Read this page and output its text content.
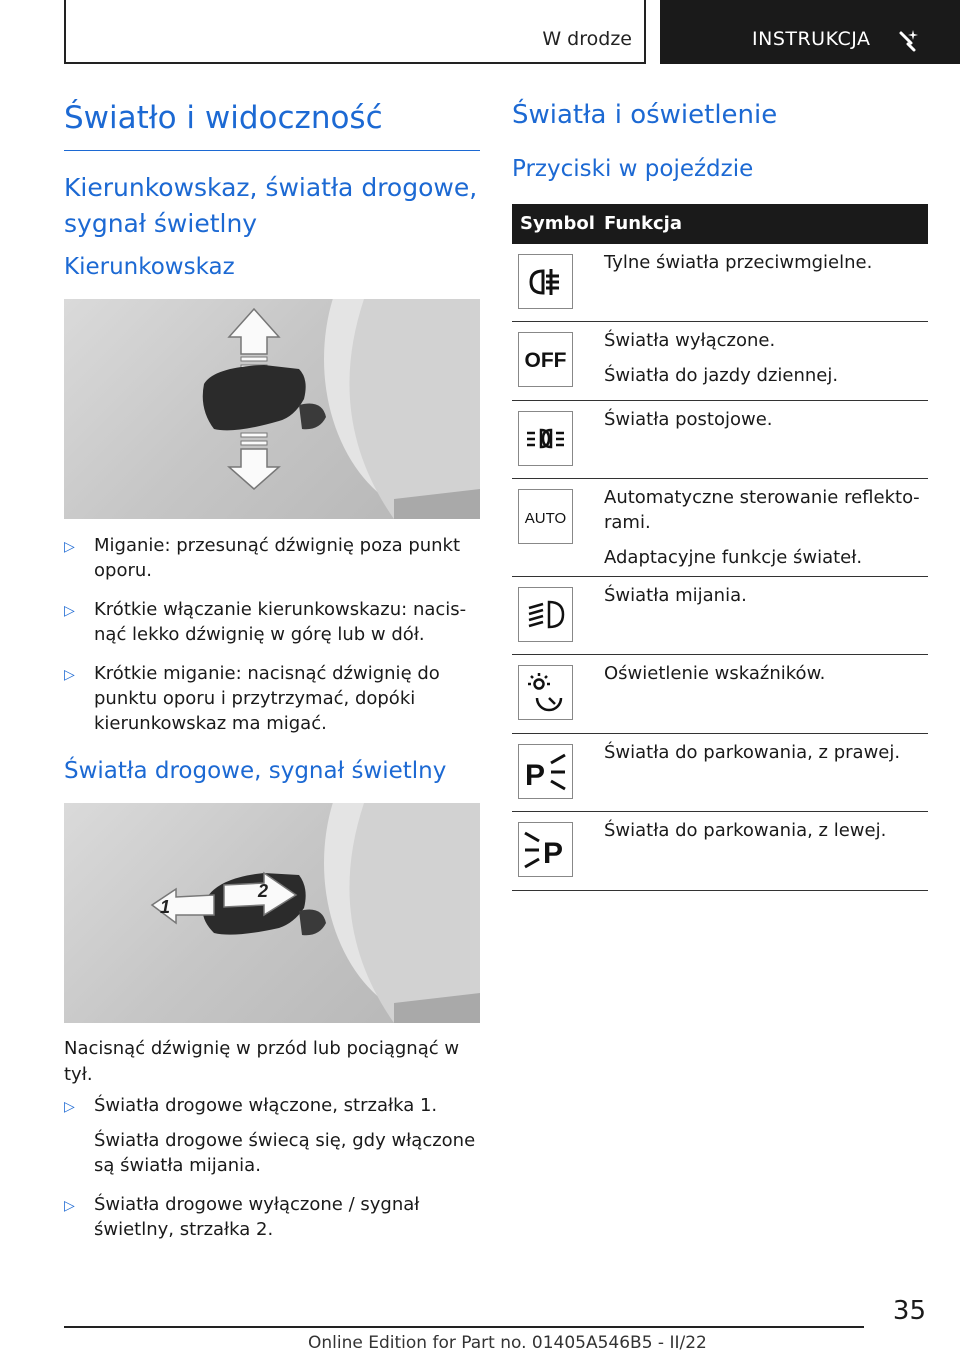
W drodze	INSTRUKCJA
Światło i widoczność
Kierunkowskaz, światła drogowe, sygnał świetlny
Kierunkowskaz
▷ Miganie: przesunąć dźwignię poza punkt oporu.

▷ Krótkie włączanie kierunkowskazu: nacisnąć lekko dźwignię w górę lub w dół.

▷ Krótkie miganie: nacisnąć dźwignię do punktu oporu i przytrzymać, dopóki kierunkowskaz ma migać.

Światła drogowe, sygnał świetlny
1
2
Nacisnąć dźwignię w przód lub pociągnąć w tył.
▷ Światła drogowe włączone, strzałka 1.

Światła drogowe świecą się, gdy włączone są światła mijania.

▷ Światła drogowe wyłączone / sygnał świetlny, strzałka 2.

Światła i oświetlenie
Przyciski w pojeździe
Symbol Funkcja

Tylne światła przeciwmgielne.

OFF

Światła wyłączone.

Światła do jazdy dziennej.

Światła postojowe.

AUTO

Automatyczne sterowanie reflektorami.

Adaptacyjne funkcje świateł.

Światła mijania.

Oświetlenie wskaźników.

P

Światła do parkowania, z prawej.

P

Światła do parkowania, z lewej.

35
Online Edition for Part no. 01405A546B5 - II/22
